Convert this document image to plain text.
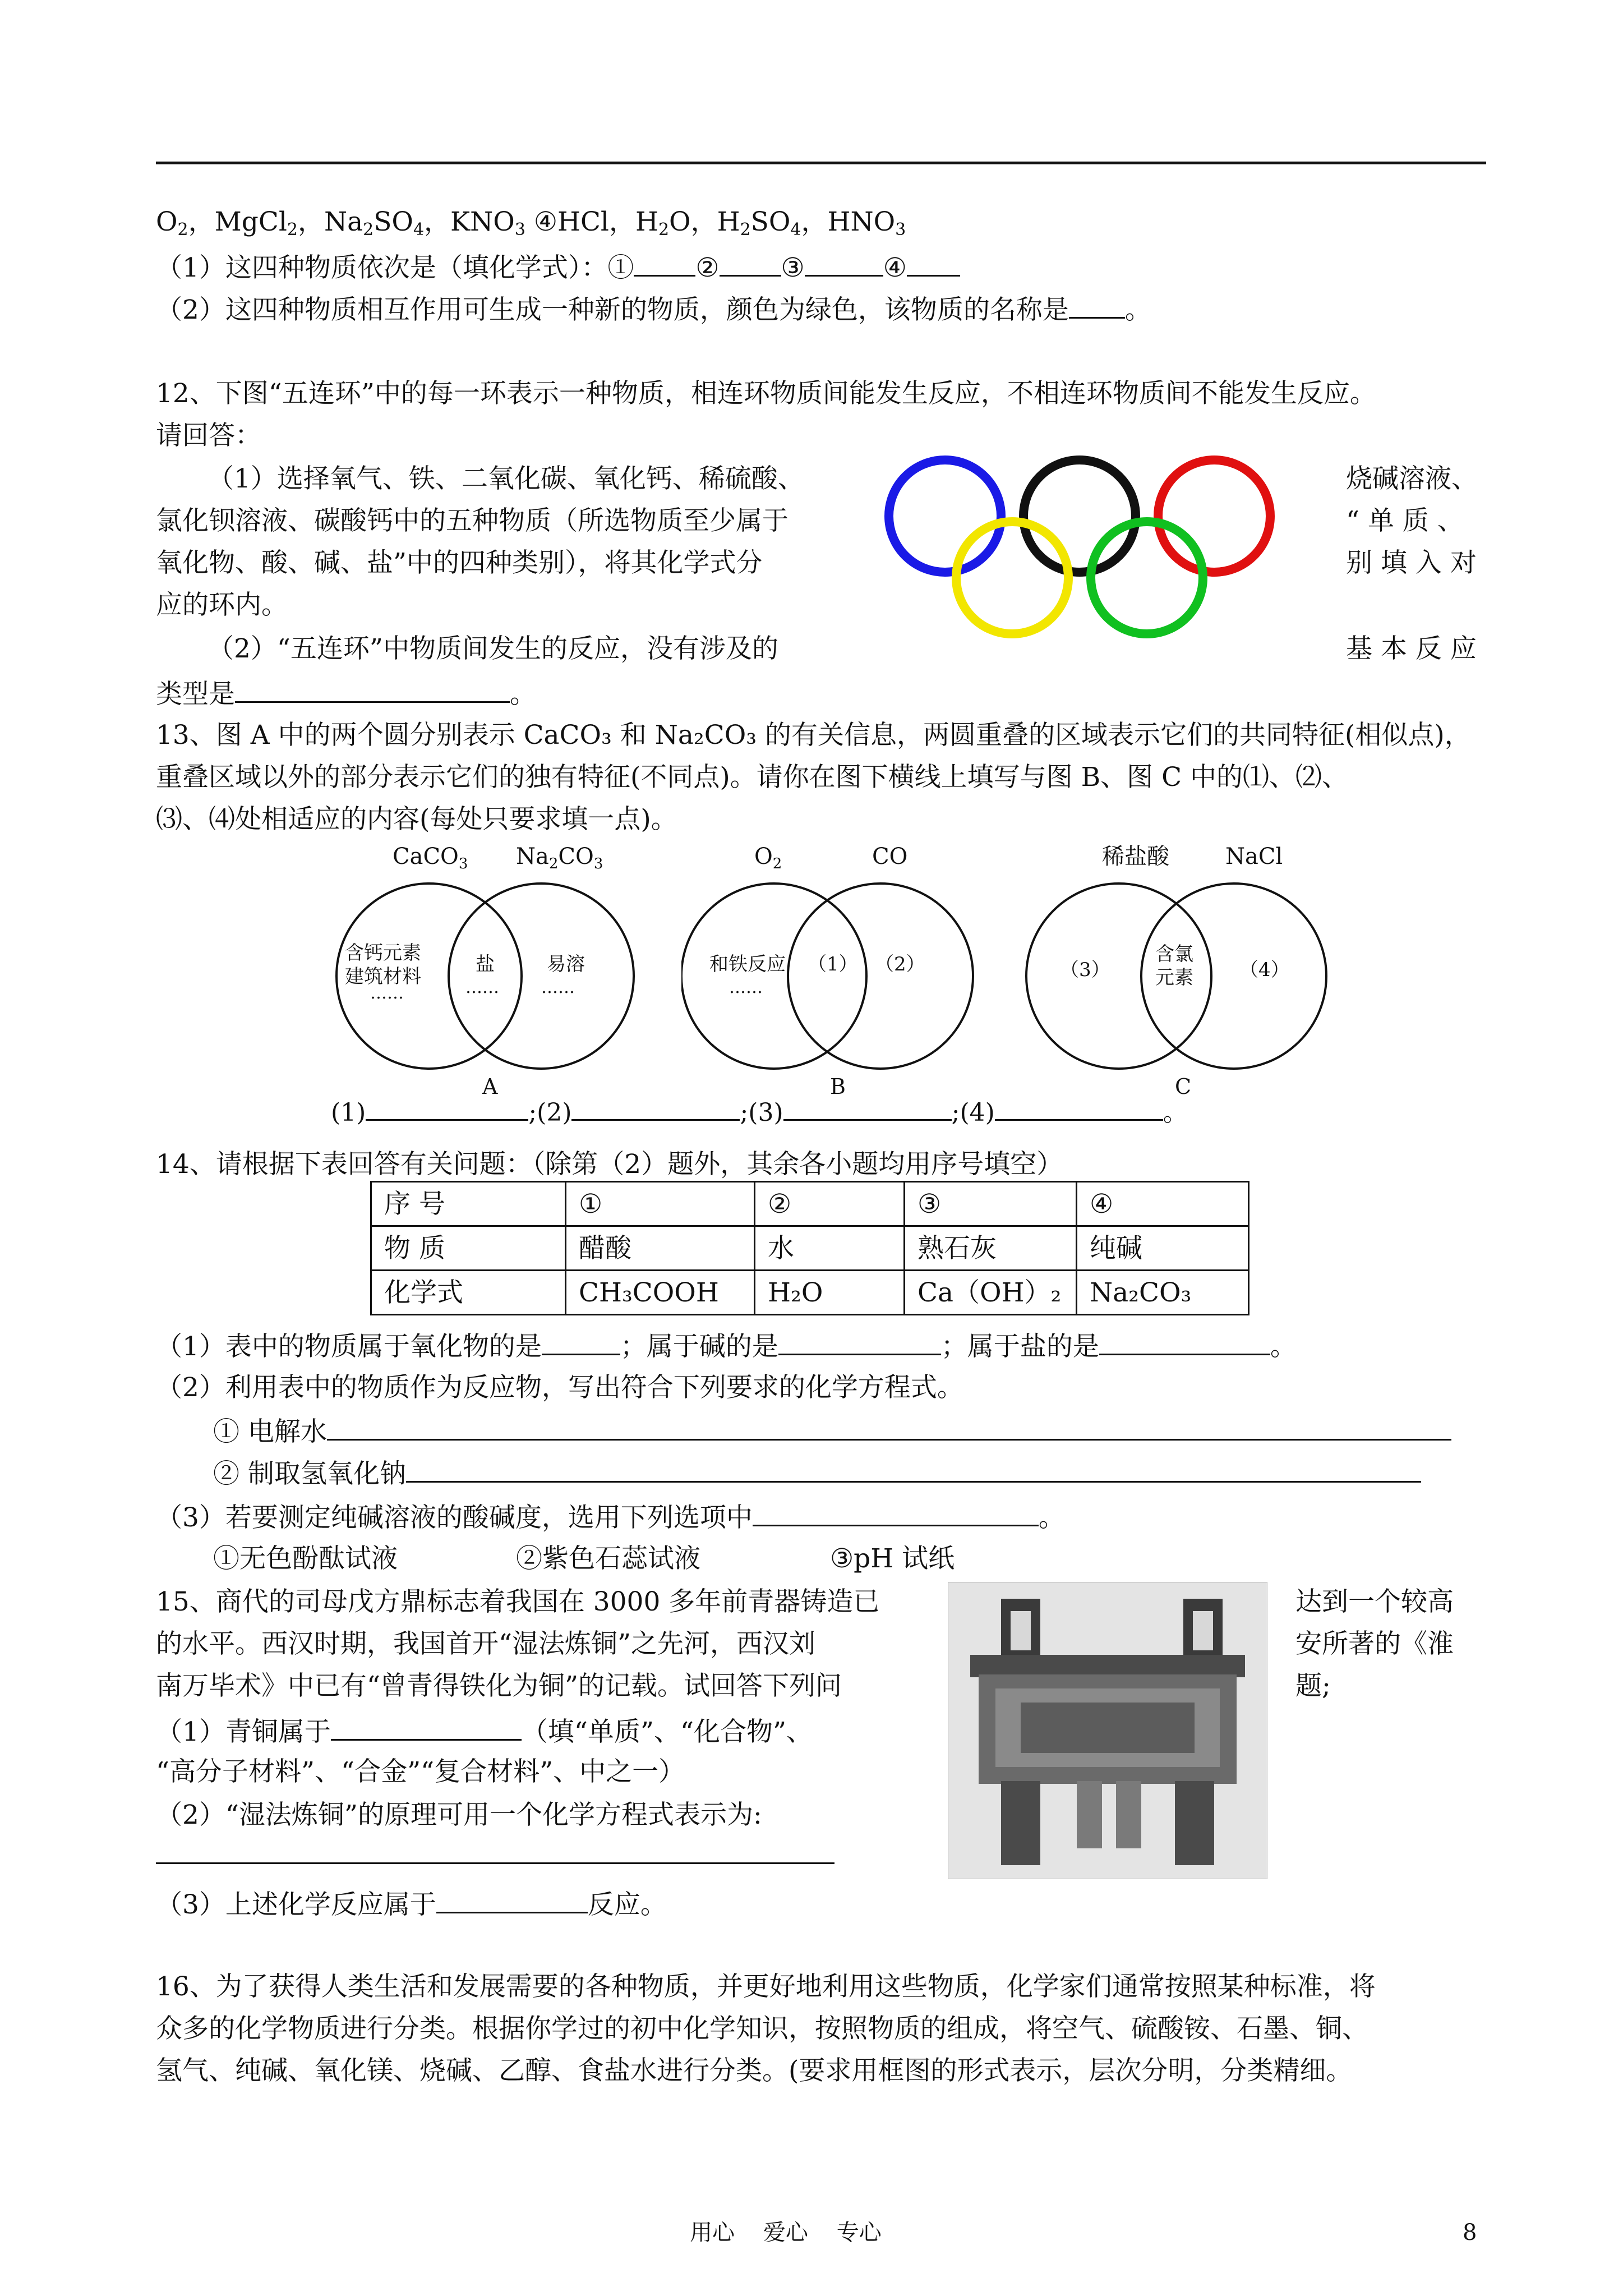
$O_2$，MgCl$_2$，$Na_2SO_4$，$KNO_3$ ④HCl，$H_2O$，$H_2SO_4$，$HNO_3$
（1）这四种物质依次是（填化学式）：① ② ③	④
（2）这四种物质相互作用可生成一种新的物质，颜色为绿色，该物质的名称是 。
12、下图“五连环”中的每一环表示一种物质，相连环物质间能发生反应，不相连环物质间不能发生反应。
请回答：
（1）选择氧气、铁、二氧化碳、氧化钙、稀硫酸、
氯化钡溶液、碳酸钙中的五种物质（所选物质至少属于
氧化物、酸、碱、盐”中的四种类别），将其化学式分
应的环内。
烧碱溶液、
“ 单 质 、
别 填 入 对
（2）“五连环”中物质间发生的反应，没有涉及的	基 本 反 应
类型是	。
13、图 A 中的两个圆分别表示 CaCO₃ 和 Na₂CO₃ 的有关信息，两圆重叠的区域表示它们的共同特征(相似点)，
重叠区域以外的部分表示它们的独有特征(不同点)。请你在图下横线上填写与图 B、图 C 中的⑴、⑵、
⑶、⑷处相适应的内容(每处只要求填一点)。
CaCO$_3$ $Na_2CO_3$
含钙元素
建筑材料
……
盐
……
易溶
……
A
$O_2$	CO
和铁反应
……
（1） （2）
B
稀盐酸	NaCl
（3）
含氯
元素 （4）
C
(1)	;(2)	;(3)	;(4)	。
14、请根据下表回答有关问题：（除第（2）题外，其余各小题均用序号填空）
序 号	①	②	③	④
物 质	醋酸	水	熟石灰	纯碱
化学式	CH₃COOH	H₂O	Ca（OH）₂	Na₂CO₃
（1）表中的物质属于氧化物的是	；属于碱的是	；属于盐的是	。
（2）利用表中的物质作为反应物，写出符合下列要求的化学方程式。
① 电解水
② 制取氢氧化钠
（3）若要测定纯碱溶液的酸碱度，选用下列选项中	。
①无色酚酞试液	②紫色石蕊试液	③pH 试纸
15、商代的司母戊方鼎标志着我国在 3000 多年前青器铸造已
的水平。西汉时期，我国首开“湿法炼铜”之先河，西汉刘
南万毕术》中已有“曾青得铁化为铜”的记载。试回答下列问
达到一个较高
安所著的《淮
题;
（1）青铜属于	（填“单质”、“化合物”、
“高分子材料”、“合金”“复合材料”、中之一）
（2）“湿法炼铜”的原理可用一个化学方程式表示为:
（3）上述化学反应属于	反应。
16、为了获得人类生活和发展需要的各种物质，并更好地利用这些物质，化学家们通常按照某种标准，将
众多的化学物质进行分类。根据你学过的初中化学知识，按照物质的组成，将空气、硫酸铵、石墨、铜、
氢气、纯碱、氧化镁、烧碱、乙醇、食盐水进行分类。(要求用框图的形式表示，层次分明，分类精细。
用心    爱心    专心	8
